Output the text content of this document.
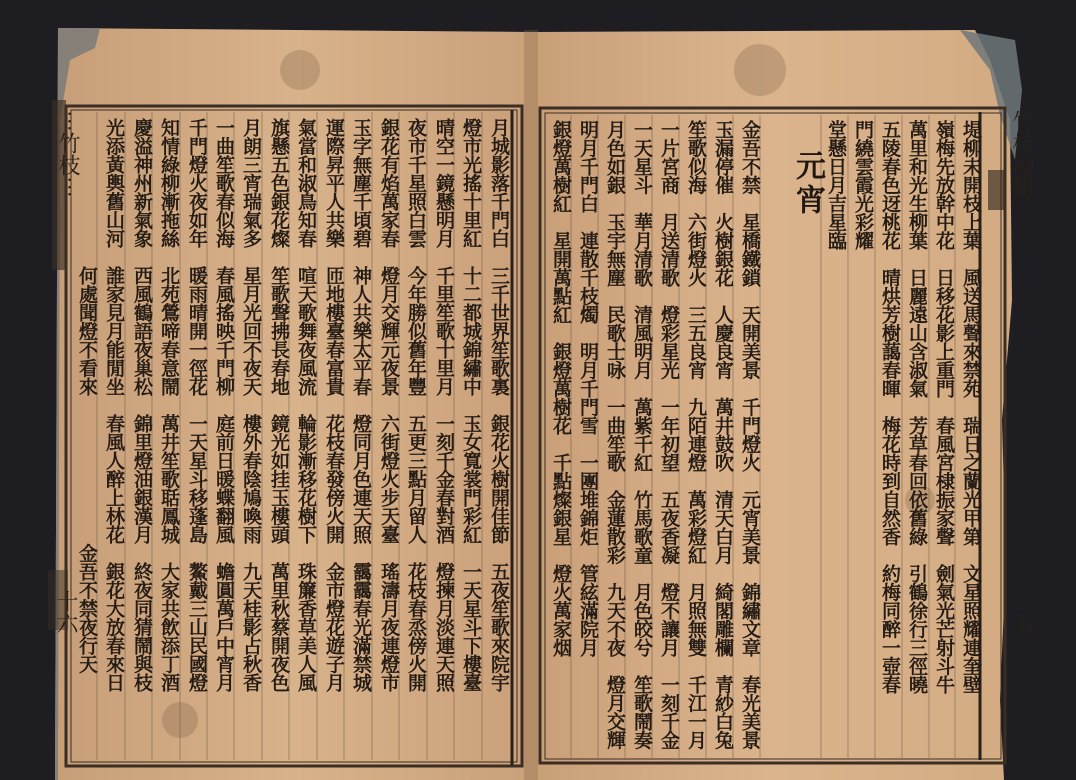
⋯竹枝⋯	竹枝詞類⋯
十六	五
元宵
月城影落千門白　三千世界笙歌裏　銀花火樹開佳節　五夜笙歌來院宇
燈市光搖十里紅　十二都城錦繡中　玉女寬裳門彩紅　一天星斗下樓臺
晴空一鏡懸明月　千里笙歌十里月　一刻千金春對酒　燈揀月淡連天照
夜市千星照白雲　今年勝似舊年豐　五更三點月留人　花枝春烝傍火開
銀花有焰萬家春　燈月交輝元夜景　六街燈火步天臺　瑤濤月夜連燈市
玉字無塵千頃碧　神人共樂太平春　燈同月色連天照　靄靄春光滿禁城
運際昇平人共樂　匝地樓臺春富貴　花枝春發傍火開　金市燈花遊子月
氣當和淑鳥知春　喧天歌舞夜風流　輪影漸移花樹下　珠簾香草美人風
旗懸五色銀花燦　笙歌聲拂長春地　鏡光如挂玉樓頭　萬里秋蔡開夜色
月朗三宵瑞氣多　星月光回不夜天　樓外春陰鳩喚雨　九天桂影占秋香
一曲笙歌春似海　春風搖映千門柳　庭前日暖蝶翻風　蟾圓萬戶中宵月
千門燈火夜如年　暖雨晴開一徑花　一天星斗移蓬島　鰲戴三山民國燈
知情綠柳漸拖絲　北苑鶯啼春意鬧　萬井笙歌聒鳳城　大家共飲添丁酒
慶溢神州新氣象　西風鶴語夜巢松　錦里燈油銀漢月　終夜同猜鬧與枝
光添黃輿舊山河　誰家見月能閒坐　春風人醉上林花　銀花大放春來日
　　　　　　　　何處聞燈不看來　　　　　　　　金吾不禁夜行天	堤柳未開枝上葉　風送馬聲來禁苑　瑞日之蘭光甲第　文星照耀連奎壁
嶺梅先放幹中花　日移花影上重門　春風宮棣振家聲　劍氣光芒射斗牛
萬里和光生柳葉　日麗遠山含淑氣　芳草春回依舊綠　引鶴徐行三徑曉
五陵春色迓桃花　晴烘芳樹藹春暉　梅花時到自然香　約梅同醉一壺春
門繞雲霞光彩耀
堂懸日月吉星臨
金吾不禁　星橋鐵鎖　天開美景　千門燈火　元宵美景　錦繡文章　春光美景
玉漏停催　火樹銀花　人慶良宵　萬井鼓吹　清天白月　綺閣雕欄　青紗白兔
笙歌似海　六街燈火　三五良宵　九陌連燈　萬彩燈紅　月照無雙　千江一月
一片宮商　月送清歌　燈彩星光　一年初望　五夜香凝　燈不讓月　一刻千金
一天星斗　華月清歌　清風明月　萬紫千紅　竹馬歌童　月色皎兮　笙歌鬧奏
月色如銀　玉宇無塵　民歌士咏　一曲笙歌　金蓮散彩　九天不夜　燈月交輝
明月千門白　連散千枝燭　明月千門雪　一團堆錦炬　管絃滿院月
銀燈萬樹紅　星開萬點紅　銀燈萬樹花　千點燦銀星　燈火萬家烟
